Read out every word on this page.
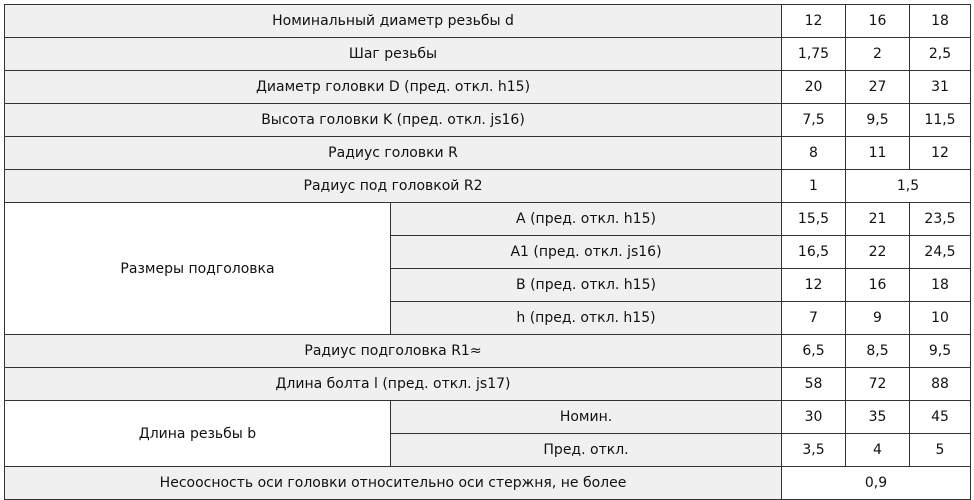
Номинальный диаметр резьбы d		12	16	18
Шаг резьбы		1,75	2	2,5
Диаметр головки D (пред. откл. h15)		20	27	31
Высота головки K (пред. откл. js16)		7,5	9,5	11,5
Радиус головки R		8	11	12
Радиус под головкой R2		1	1,5	
Размеры подголовка	A (пред. откл. h15)	15,5	21	23,5
	A1 (пред. откл. js16)	16,5	22	24,5
	B (пред. откл. h15)	12	16	18
	h (пред. откл. h15)	7	9	10
Радиус подголовка R1≈		6,5	8,5	9,5
Длина болта l (пред. откл. js17)		58	72	88
Длина резьбы b	Номин.	30	35	45
	Пред. откл.	3,5	4	5
Несоосность оси головки относительно оси стержня, не более		0,9		
